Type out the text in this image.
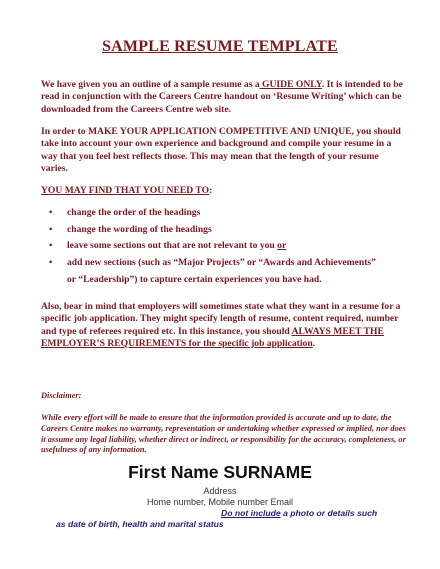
SAMPLE RESUME TEMPLATE
We have given you an outline of a sample resume as a GUIDE ONLY. It is intended to be read in conjunction with the Careers Centre handout on ‘Resume Writing’ which can be downloaded from the Careers Centre web site.
In order to MAKE YOUR APPLICATION COMPETITIVE AND UNIQUE, you should take into account your own experience and background and compile your resume in a way that you feel best reflects those. This may mean that the length of your resume varies.
YOU MAY FIND THAT YOU NEED TO:
• change the order of the headings
• change the wording of the headings
• leave some sections out that are not relevant to you or
• add new sections (such as “Major Projects” or “Awards and Achievements”
or “Leadership”) to capture certain experiences you have had.
Also, bear in mind that employers will sometimes state what they want in a resume for a specific job application. They might specify length of resume, content required, number and type of referees required etc. In this instance, you should ALWAYS MEET THE EMPLOYER’S REQUIREMENTS for the specific job application.
Disclaimer:
While every effort will be made to ensure that the information provided is accurate and up to date, the Careers Centre makes no warranty, representation or undertaking whether expressed or implied, nor does it assume any legal liability, whether direct or indirect, or responsibility for the accuracy, completeness, or usefulness of any information.
First Name SURNAME
Address
Home number, Mobile number Email
Do not include a photo or details such
as date of birth, health and marital status
